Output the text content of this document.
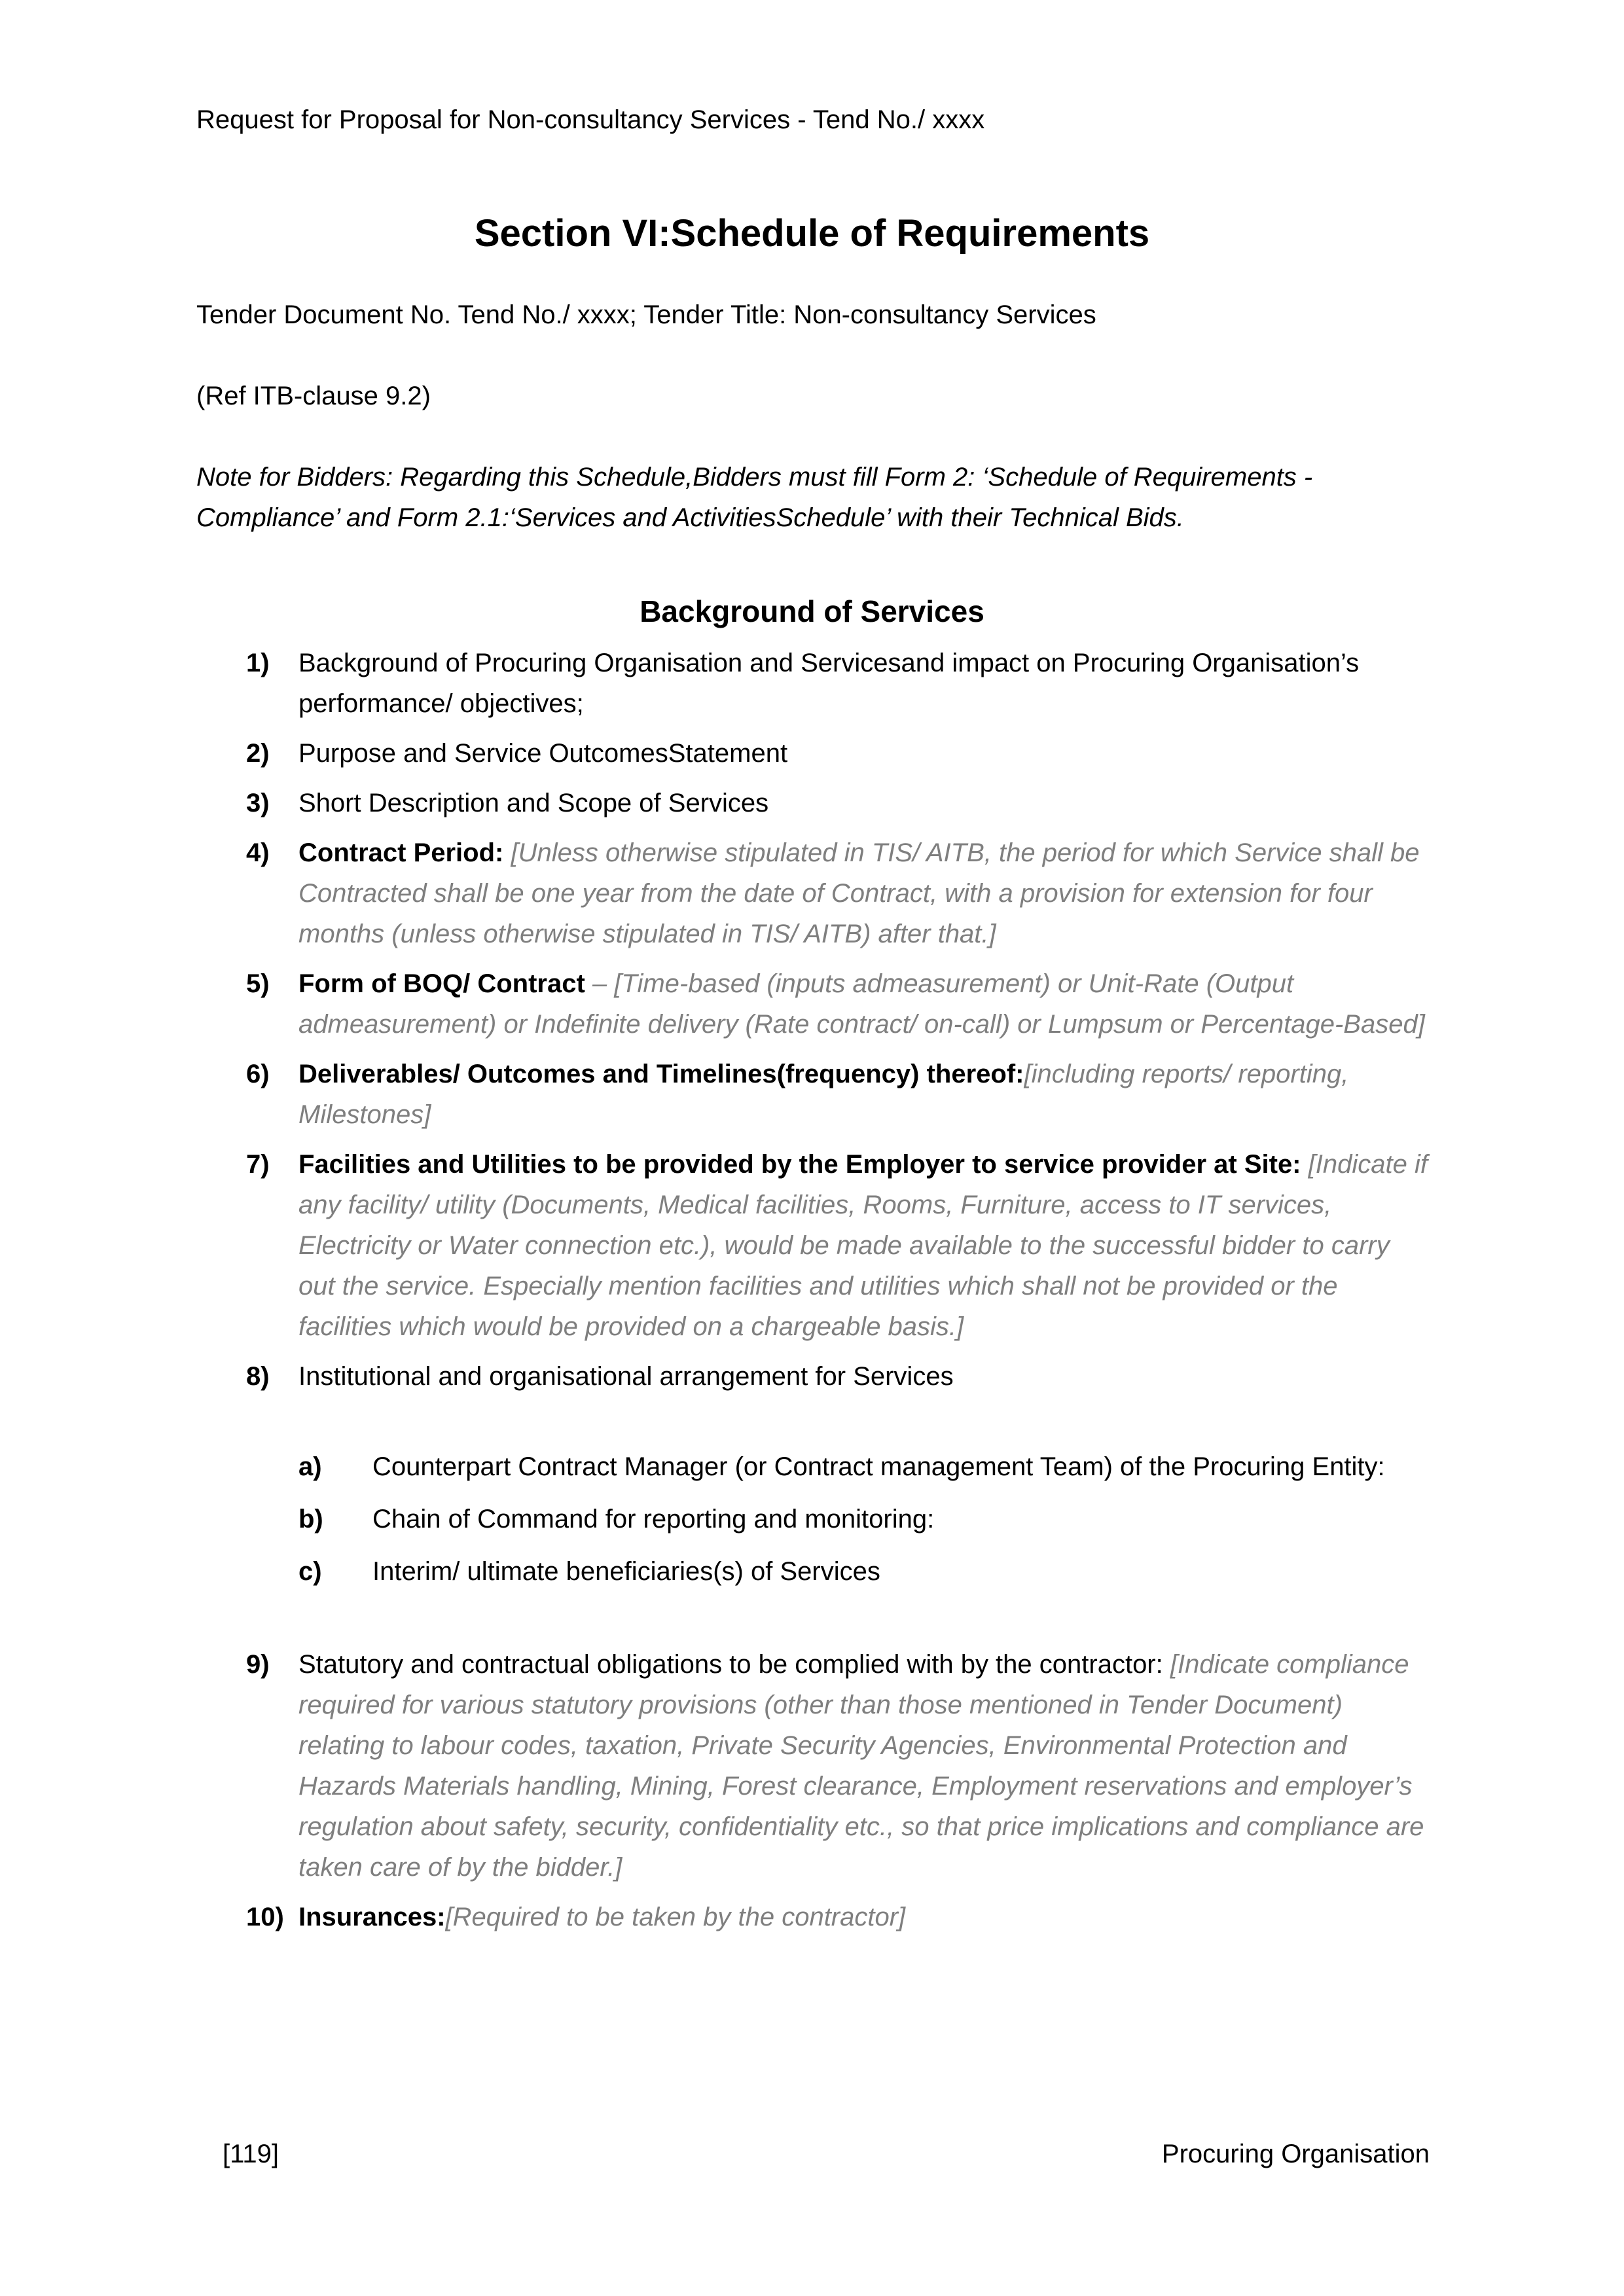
Request for Proposal for Non-consultancy Services - Tend No./ xxxx
Section VI:Schedule of Requirements

Tender Document No. Tend No./ xxxx; Tender Title: Non-consultancy Services

(Ref ITB-clause 9.2)

Note for Bidders: Regarding this Schedule,Bidders must fill Form 2: ‘Schedule of Requirements - Compliance’ and Form 2.1:‘Services and ActivitiesSchedule’ with their Technical Bids.

Background of Services
1) Background of Procuring Organisation and Servicesand impact on Procuring Organisation’s performance/ objectives;
2) Purpose and Service OutcomesStatement
3) Short Description and Scope of Services
4) Contract Period: [Unless otherwise stipulated in TIS/ AITB, the period for which Service shall be Contracted shall be one year from the date of Contract, with a provision for extension for four months (unless otherwise stipulated in TIS/ AITB) after that.]
5) Form of BOQ/ Contract – [Time-based (inputs admeasurement) or Unit-Rate (Output admeasurement) or Indefinite delivery (Rate contract/ on-call) or Lumpsum or Percentage-Based]
6) Deliverables/ Outcomes and Timelines(frequency) thereof:[including reports/ reporting, Milestones]
7) Facilities and Utilities to be provided by the Employer to service provider at Site: [Indicate if any facility/ utility (Documents, Medical facilities, Rooms, Furniture, access to IT services, Electricity or Water connection etc.), would be made available to the successful bidder to carry out the service. Especially mention facilities and utilities which shall not be provided or the facilities which would be provided on a chargeable basis.]
8) Institutional and organisational arrangement for Services
a) Counterpart Contract Manager (or Contract management Team) of the Procuring Entity:
b) Chain of Command for reporting and monitoring:
c) Interim/ ultimate beneficiaries(s) of Services
9) Statutory and contractual obligations to be complied with by the contractor: [Indicate compliance required for various statutory provisions (other than those mentioned in Tender Document) relating to labour codes, taxation, Private Security Agencies, Environmental Protection and Hazards Materials handling, Mining, Forest clearance, Employment reservations and employer’s regulation about safety, security, confidentiality etc., so that price implications and compliance are taken care of by the bidder.]
10) Insurances:[Required to be taken by the contractor]
[119]	Procuring Organisation
